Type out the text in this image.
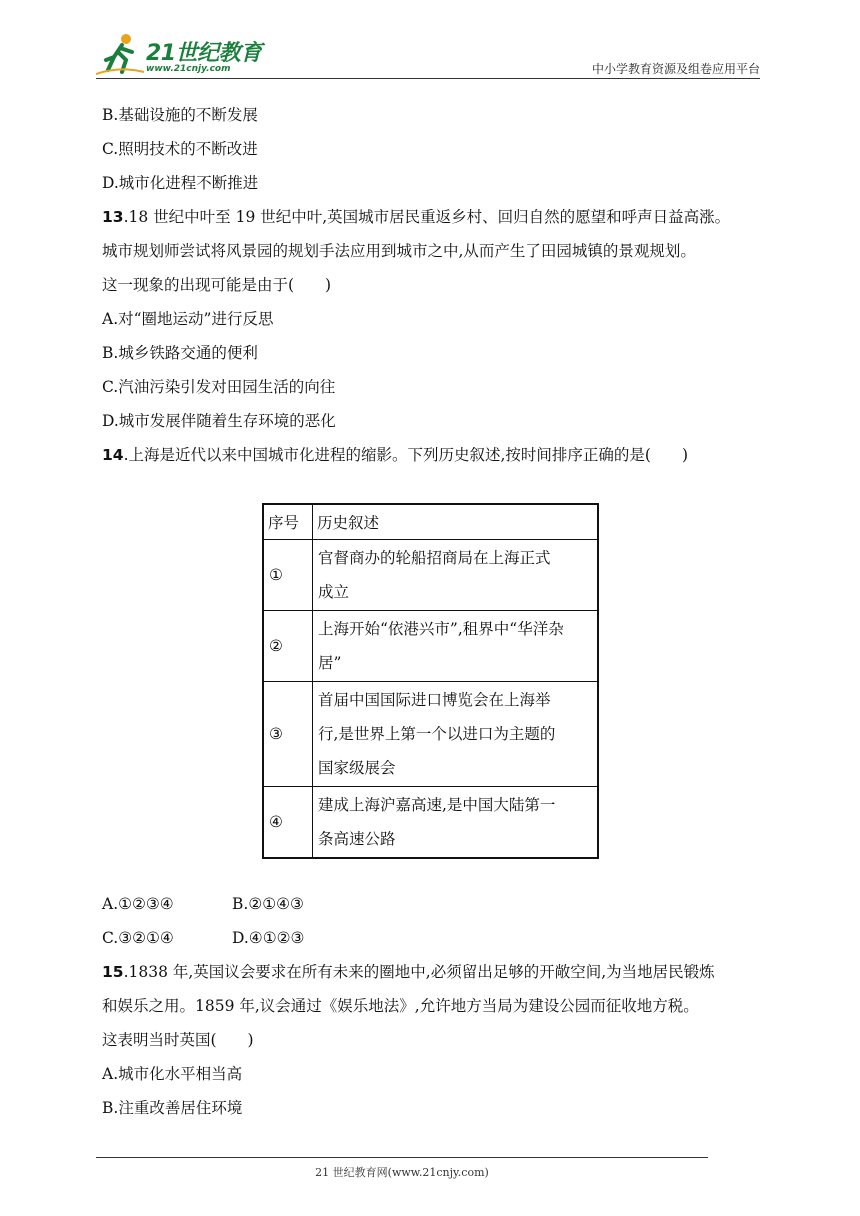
21世纪教育
www.21cnjy.com	中小学教育资源及组卷应用平台
B.基础设施的不断发展
C.照明技术的不断改进
D.城市化进程不断推进
13.18 世纪中叶至 19 世纪中叶,英国城市居民重返乡村、回归自然的愿望和呼声日益高涨。
城市规划师尝试将风景园的规划手法应用到城市之中,从而产生了田园城镇的景观规划。
这一现象的出现可能是由于(　　)
A.对“圈地运动”进行反思
B.城乡铁路交通的便利
C.汽油污染引发对田园生活的向往
D.城市发展伴随着生存环境的恶化
14.上海是近代以来中国城市化进程的缩影。下列历史叙述,按时间排序正确的是(　　)
序号	历史叙述

①	官督商办的轮船招商局在上海正式
成立

②	上海开始“依港兴市”,租界中“华洋杂
居”

③	首届中国国际进口博览会在上海举
行,是世界上第一个以进口为主题的
国家级展会

④	建成上海沪嘉高速,是中国大陆第一
条高速公路
A.①②③④	B.②①④③
C.③②①④	D.④①②③
15.1838 年,英国议会要求在所有未来的圈地中,必须留出足够的开敞空间,为当地居民锻炼
和娱乐之用。1859 年,议会通过《娱乐地法》,允许地方当局为建设公园而征收地方税。
这表明当时英国(　　)
A.城市化水平相当高
B.注重改善居住环境
21 世纪教育网(www.21cnjy.com)
